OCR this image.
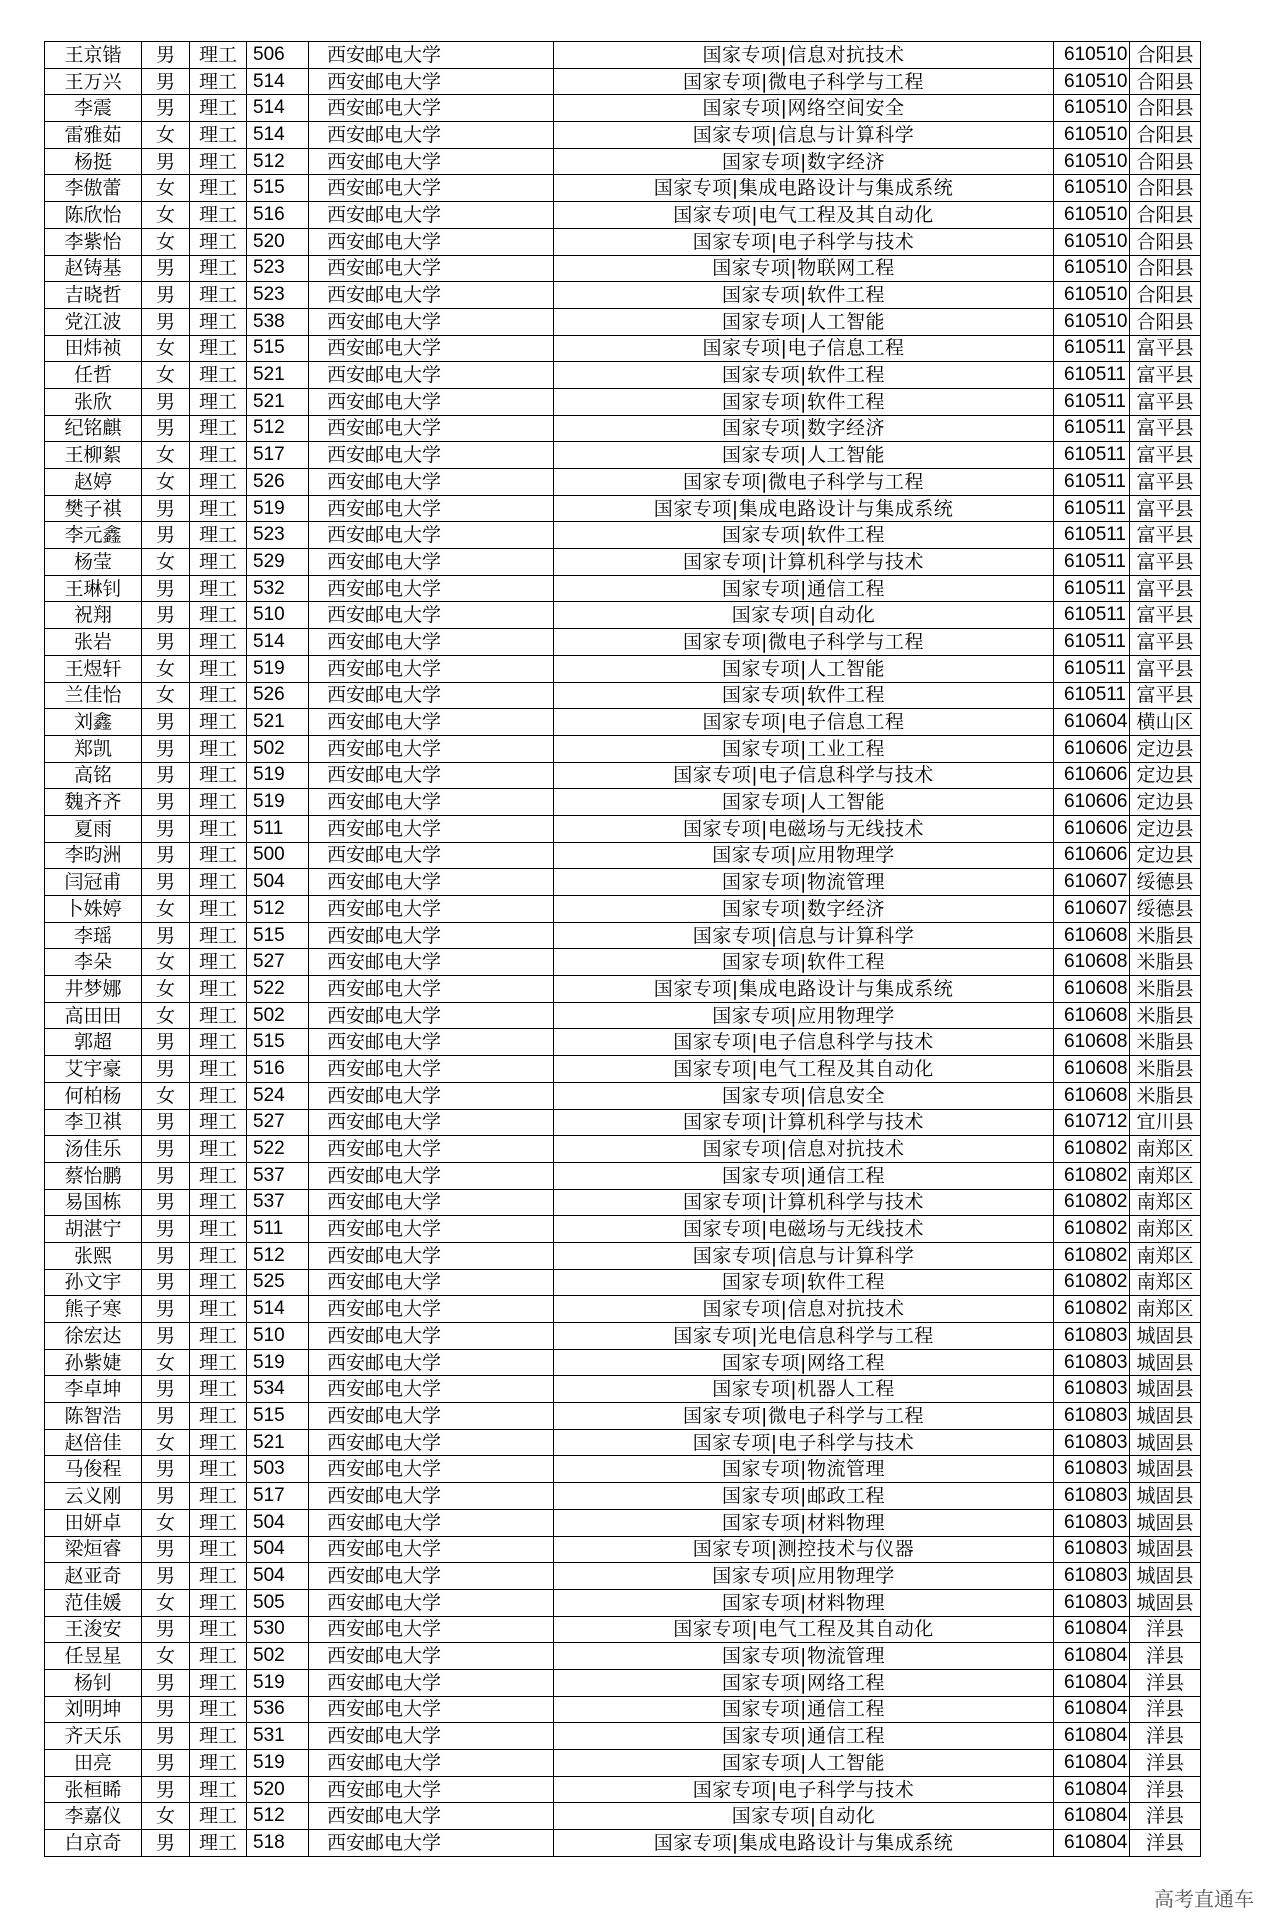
王京锴	男	理工	506	西安邮电大学	国家专项|信息对抗技术	610510	合阳县
王万兴	男	理工	514	西安邮电大学	国家专项|微电子科学与工程	610510	合阳县
李震	男	理工	514	西安邮电大学	国家专项|网络空间安全	610510	合阳县
雷雅茹	女	理工	514	西安邮电大学	国家专项|信息与计算科学	610510	合阳县
杨挺	男	理工	512	西安邮电大学	国家专项|数字经济	610510	合阳县
李傲蕾	女	理工	515	西安邮电大学	国家专项|集成电路设计与集成系统	610510	合阳县
陈欣怡	女	理工	516	西安邮电大学	国家专项|电气工程及其自动化	610510	合阳县
李紫怡	女	理工	520	西安邮电大学	国家专项|电子科学与技术	610510	合阳县
赵铸基	男	理工	523	西安邮电大学	国家专项|物联网工程	610510	合阳县
吉晓哲	男	理工	523	西安邮电大学	国家专项|软件工程	610510	合阳县
党江波	男	理工	538	西安邮电大学	国家专项|人工智能	610510	合阳县
田炜祯	女	理工	515	西安邮电大学	国家专项|电子信息工程	610511	富平县
任哲	女	理工	521	西安邮电大学	国家专项|软件工程	610511	富平县
张欣	男	理工	521	西安邮电大学	国家专项|软件工程	610511	富平县
纪铭麒	男	理工	512	西安邮电大学	国家专项|数字经济	610511	富平县
王柳絮	女	理工	517	西安邮电大学	国家专项|人工智能	610511	富平县
赵婷	女	理工	526	西安邮电大学	国家专项|微电子科学与工程	610511	富平县
樊子祺	男	理工	519	西安邮电大学	国家专项|集成电路设计与集成系统	610511	富平县
李元鑫	男	理工	523	西安邮电大学	国家专项|软件工程	610511	富平县
杨莹	女	理工	529	西安邮电大学	国家专项|计算机科学与技术	610511	富平县
王琳钊	男	理工	532	西安邮电大学	国家专项|通信工程	610511	富平县
祝翔	男	理工	510	西安邮电大学	国家专项|自动化	610511	富平县
张岩	男	理工	514	西安邮电大学	国家专项|微电子科学与工程	610511	富平县
王煜轩	女	理工	519	西安邮电大学	国家专项|人工智能	610511	富平县
兰佳怡	女	理工	526	西安邮电大学	国家专项|软件工程	610511	富平县
刘鑫	男	理工	521	西安邮电大学	国家专项|电子信息工程	610604	横山区
郑凯	男	理工	502	西安邮电大学	国家专项|工业工程	610606	定边县
高铭	男	理工	519	西安邮电大学	国家专项|电子信息科学与技术	610606	定边县
魏齐齐	男	理工	519	西安邮电大学	国家专项|人工智能	610606	定边县
夏雨	男	理工	511	西安邮电大学	国家专项|电磁场与无线技术	610606	定边县
李昀洲	男	理工	500	西安邮电大学	国家专项|应用物理学	610606	定边县
闫冠甫	男	理工	504	西安邮电大学	国家专项|物流管理	610607	绥德县
卜姝婷	女	理工	512	西安邮电大学	国家专项|数字经济	610607	绥德县
李瑶	男	理工	515	西安邮电大学	国家专项|信息与计算科学	610608	米脂县
李朵	女	理工	527	西安邮电大学	国家专项|软件工程	610608	米脂县
井梦娜	女	理工	522	西安邮电大学	国家专项|集成电路设计与集成系统	610608	米脂县
高田田	女	理工	502	西安邮电大学	国家专项|应用物理学	610608	米脂县
郭超	男	理工	515	西安邮电大学	国家专项|电子信息科学与技术	610608	米脂县
艾宇豪	男	理工	516	西安邮电大学	国家专项|电气工程及其自动化	610608	米脂县
何柏杨	女	理工	524	西安邮电大学	国家专项|信息安全	610608	米脂县
李卫祺	男	理工	527	西安邮电大学	国家专项|计算机科学与技术	610712	宜川县
汤佳乐	男	理工	522	西安邮电大学	国家专项|信息对抗技术	610802	南郑区
蔡怡鹏	男	理工	537	西安邮电大学	国家专项|通信工程	610802	南郑区
易国栋	男	理工	537	西安邮电大学	国家专项|计算机科学与技术	610802	南郑区
胡湛宁	男	理工	511	西安邮电大学	国家专项|电磁场与无线技术	610802	南郑区
张熙	男	理工	512	西安邮电大学	国家专项|信息与计算科学	610802	南郑区
孙文宇	男	理工	525	西安邮电大学	国家专项|软件工程	610802	南郑区
熊子寒	男	理工	514	西安邮电大学	国家专项|信息对抗技术	610802	南郑区
徐宏达	男	理工	510	西安邮电大学	国家专项|光电信息科学与工程	610803	城固县
孙紫婕	女	理工	519	西安邮电大学	国家专项|网络工程	610803	城固县
李卓坤	男	理工	534	西安邮电大学	国家专项|机器人工程	610803	城固县
陈智浩	男	理工	515	西安邮电大学	国家专项|微电子科学与工程	610803	城固县
赵倍佳	女	理工	521	西安邮电大学	国家专项|电子科学与技术	610803	城固县
马俊程	男	理工	503	西安邮电大学	国家专项|物流管理	610803	城固县
云义刚	男	理工	517	西安邮电大学	国家专项|邮政工程	610803	城固县
田妍卓	女	理工	504	西安邮电大学	国家专项|材料物理	610803	城固县
梁烜睿	男	理工	504	西安邮电大学	国家专项|测控技术与仪器	610803	城固县
赵亚奇	男	理工	504	西安邮电大学	国家专项|应用物理学	610803	城固县
范佳媛	女	理工	505	西安邮电大学	国家专项|材料物理	610803	城固县
王浚安	男	理工	530	西安邮电大学	国家专项|电气工程及其自动化	610804	洋县
任昱星	女	理工	502	西安邮电大学	国家专项|物流管理	610804	洋县
杨钊	男	理工	519	西安邮电大学	国家专项|网络工程	610804	洋县
刘明坤	男	理工	536	西安邮电大学	国家专项|通信工程	610804	洋县
齐天乐	男	理工	531	西安邮电大学	国家专项|通信工程	610804	洋县
田亮	男	理工	519	西安邮电大学	国家专项|人工智能	610804	洋县
张桓睎	男	理工	520	西安邮电大学	国家专项|电子科学与技术	610804	洋县
李嘉仪	女	理工	512	西安邮电大学	国家专项|自动化	610804	洋县
白京奇	男	理工	518	西安邮电大学	国家专项|集成电路设计与集成系统	610804	洋县
高考直通车
